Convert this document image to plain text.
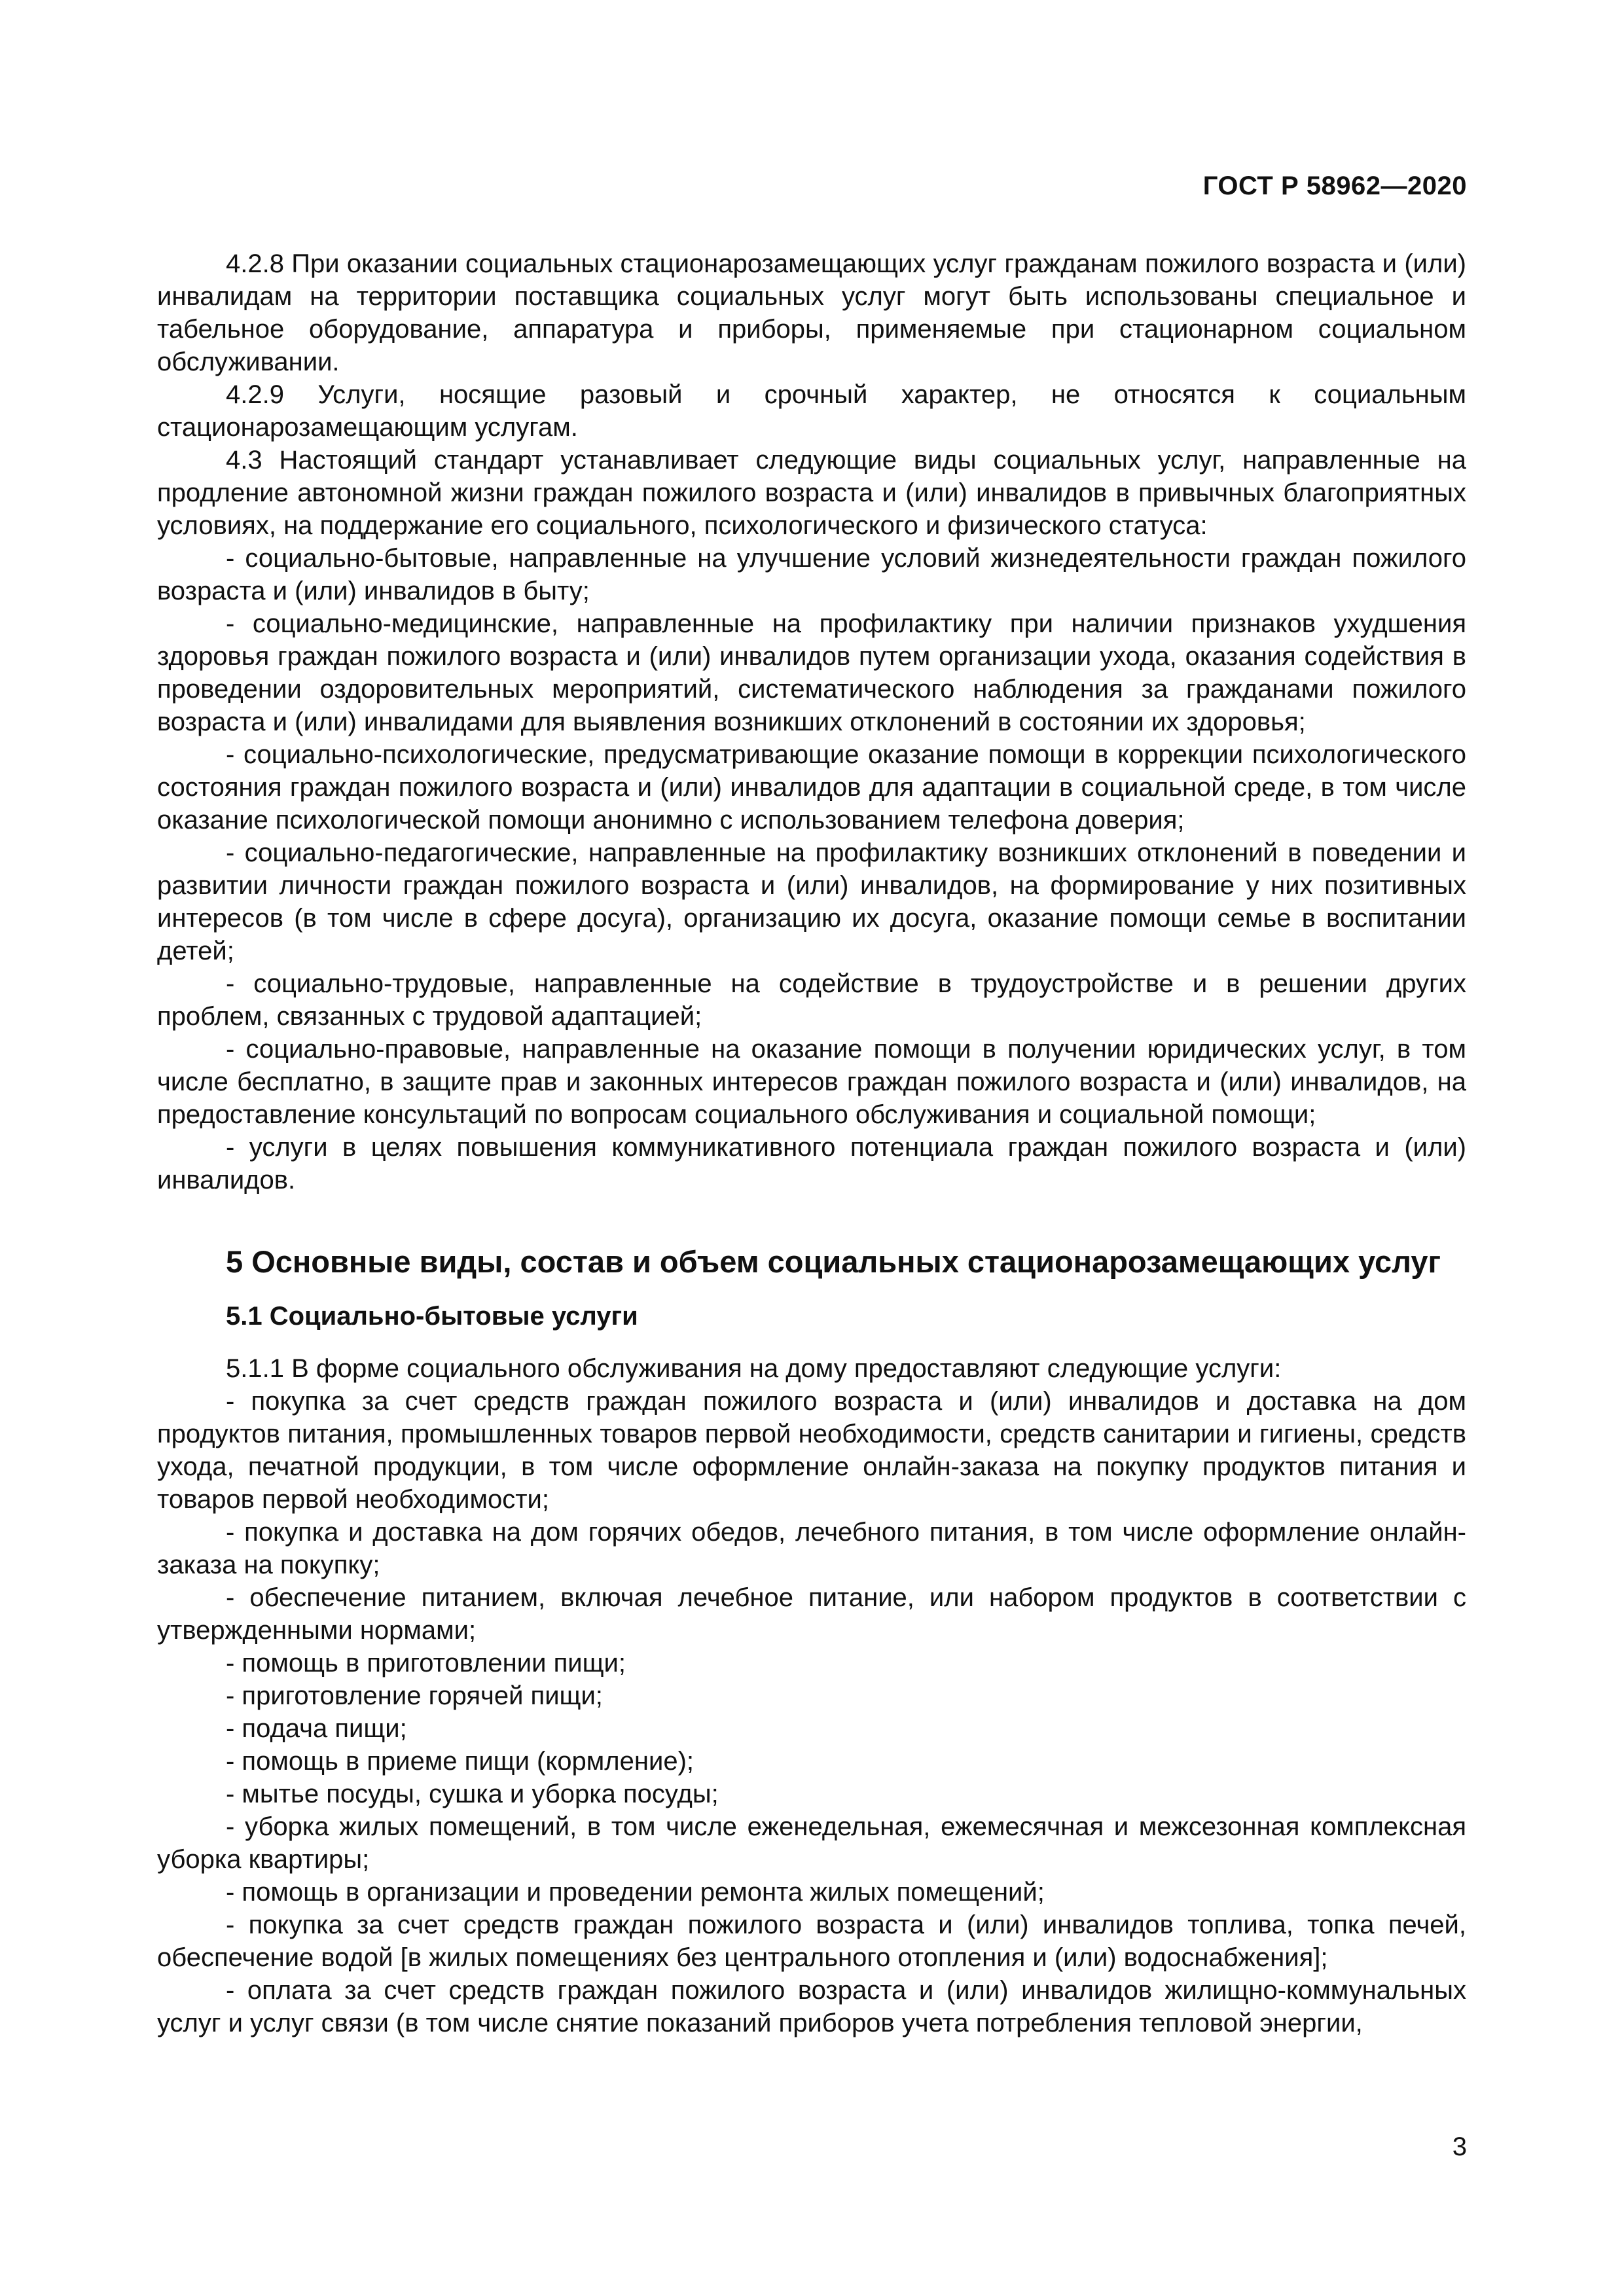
ГОСТ Р 58962—2020

4.2.8 При оказании социальных стационарозамещающих услуг гражданам пожилого возраста и (или) инвалидам на территории поставщика социальных услуг могут быть использованы специальное и табельное оборудование, аппаратура и приборы, применяемые при стационарном социальном обслуживании.

4.2.9 Услуги, носящие разовый и срочный характер, не относятся к социальным стационарозамещающим услугам.

4.3 Настоящий стандарт устанавливает следующие виды социальных услуг, направленные на продление автономной жизни граждан пожилого возраста и (или) инвалидов в привычных благоприятных условиях, на поддержание его социального, психологического и физического статуса:

- социально-бытовые, направленные на улучшение условий жизнедеятельности граждан пожилого возраста и (или) инвалидов в быту;

- социально-медицинские, направленные на профилактику при наличии признаков ухудшения здоровья граждан пожилого возраста и (или) инвалидов путем организации ухода, оказания содействия в проведении оздоровительных мероприятий, систематического наблюдения за гражданами пожилого возраста и (или) инвалидами для выявления возникших отклонений в состоянии их здоровья;

- социально-психологические, предусматривающие оказание помощи в коррекции психологического состояния граждан пожилого возраста и (или) инвалидов для адаптации в социальной среде, в том числе оказание психологической помощи анонимно с использованием телефона доверия;

- социально-педагогические, направленные на профилактику возникших отклонений в поведении и развитии личности граждан пожилого возраста и (или) инвалидов, на формирование у них позитивных интересов (в том числе в сфере досуга), организацию их досуга, оказание помощи семье в воспитании детей;

- социально-трудовые, направленные на содействие в трудоустройстве и в решении других проблем, связанных с трудовой адаптацией;

- социально-правовые, направленные на оказание помощи в получении юридических услуг, в том числе бесплатно, в защите прав и законных интересов граждан пожилого возраста и (или) инвалидов, на предоставление консультаций по вопросам социального обслуживания и социальной помощи;

- услуги в целях повышения коммуникативного потенциала граждан пожилого возраста и (или) инвалидов.

5 Основные виды, состав и объем социальных стационарозамещающих услуг
5.1 Социально-бытовые услуги

5.1.1 В форме социального обслуживания на дому предоставляют следующие услуги:

- покупка за счет средств граждан пожилого возраста и (или) инвалидов и доставка на дом продуктов питания, промышленных товаров первой необходимости, средств санитарии и гигиены, средств ухода, печатной продукции, в том числе оформление онлайн-заказа на покупку продуктов питания и товаров первой необходимости;

- покупка и доставка на дом горячих обедов, лечебного питания, в том числе оформление онлайн-заказа на покупку;

- обеспечение питанием, включая лечебное питание, или набором продуктов в соответствии с утвержденными нормами;

- помощь в приготовлении пищи;

- приготовление горячей пищи;

- подача пищи;

- помощь в приеме пищи (кормление);

- мытье посуды, сушка и уборка посуды;

- уборка жилых помещений, в том числе еженедельная, ежемесячная и межсезонная комплексная уборка квартиры;

- помощь в организации и проведении ремонта жилых помещений;

- покупка за счет средств граждан пожилого возраста и (или) инвалидов топлива, топка печей, обеспечение водой [в жилых помещениях без центрального отопления и (или) водоснабжения];

- оплата за счет средств граждан пожилого возраста и (или) инвалидов жилищно-коммунальных услуг и услуг связи (в том числе снятие показаний приборов учета потребления тепловой энергии,

3
